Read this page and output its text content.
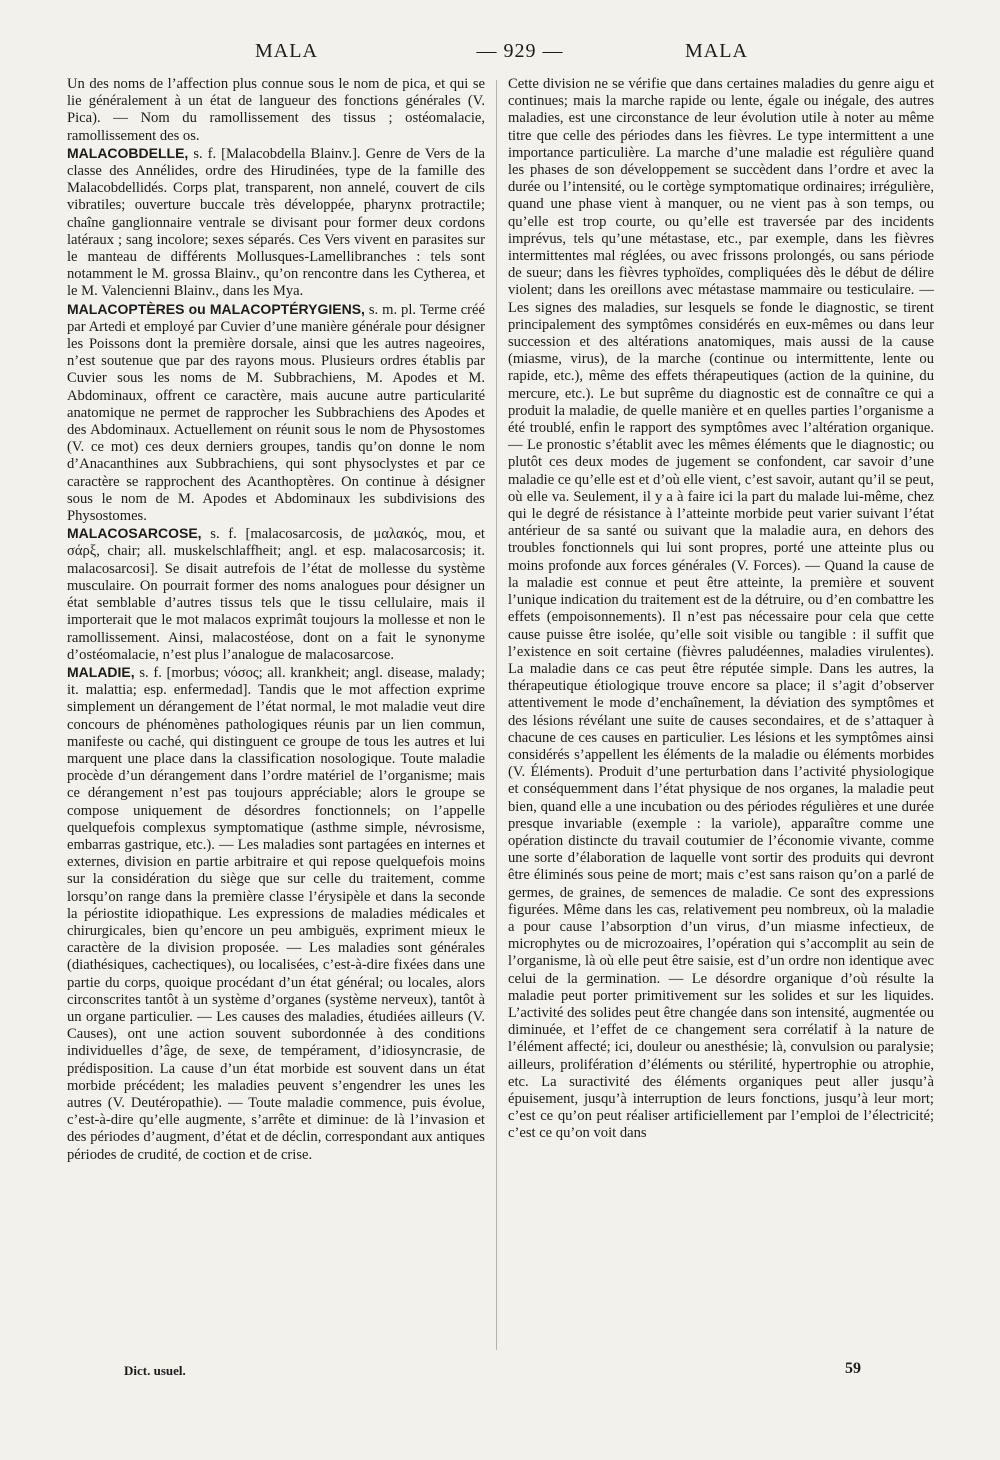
MALA	— 929 —	MALA

Un des noms de l’affection plus connue sous le nom de pica, et qui se lie généralement à un état de langueur des fonctions générales (V. Pica). — Nom du ramollissement des tissus ; ostéomalacie, ramollissement des os.

MALACOBDELLE, s. f. [Malacobdella Blainv.]. Genre de Vers de la classe des Annélides, ordre des Hirudinées, type de la famille des Malacobdellidés. Corps plat, transparent, non annelé, couvert de cils vibratiles; ouverture buccale très développée, pharynx protractile; chaîne ganglionnaire ventrale se divisant pour former deux cordons latéraux ; sang incolore; sexes séparés. Ces Vers vivent en parasites sur le manteau de différents Mollusques-Lamellibranches : tels sont notamment le M. grossa Blainv., qu’on rencontre dans les Cytherea, et le M. Valencienni Blainv., dans les Mya.

MALACOPTÈRES ou MALACOPTÉRYGIENS, s. m. pl. Terme créé par Artedi et employé par Cuvier d’une manière générale pour désigner les Poissons dont la première dorsale, ainsi que les autres nageoires, n’est soutenue que par des rayons mous. Plusieurs ordres établis par Cuvier sous les noms de M. Subbrachiens, M. Apodes et M. Abdominaux, offrent ce caractère, mais aucune autre particularité anatomique ne permet de rapprocher les Subbrachiens des Apodes et des Abdominaux. Actuellement on réunit sous le nom de Physostomes (V. ce mot) ces deux derniers groupes, tandis qu’on donne le nom d’Anacanthines aux Subbrachiens, qui sont physoclystes et par ce caractère se rapprochent des Acanthoptères. On continue à désigner sous le nom de M. Apodes et Abdominaux les subdivisions des Physostomes.

MALACOSARCOSE, s. f. [malacosarcosis, de μαλακός, mou, et σάρξ, chair; all. muskelschlaffheit; angl. et esp. malacosarcosis; it. malacosarcosi]. Se disait autrefois de l’état de mollesse du système musculaire. On pourrait former des noms analogues pour désigner un état semblable d’autres tissus tels que le tissu cellulaire, mais il importerait que le mot malacos exprimât toujours la mollesse et non le ramollissement. Ainsi, malacostéose, dont on a fait le synonyme d’ostéomalacie, n’est plus l’analogue de malacosarcose.

MALADIE, s. f. [morbus; νόσος; all. krankheit; angl. disease, malady; it. malattia; esp. enfermedad]. Tandis que le mot affection exprime simplement un dérangement de l’état normal, le mot maladie veut dire concours de phénomènes pathologiques réunis par un lien commun, manifeste ou caché, qui distinguent ce groupe de tous les autres et lui marquent une place dans la classification nosologique. Toute maladie procède d’un dérangement dans l’ordre matériel de l’organisme; mais ce dérangement n’est pas toujours appréciable; alors le groupe se compose uniquement de désordres fonctionnels; on l’appelle quelquefois complexus symptomatique (asthme simple, névrosisme, embarras gastrique, etc.). — Les maladies sont partagées en internes et externes, division en partie arbitraire et qui repose quelquefois moins sur la considération du siège que sur celle du traitement, comme lorsqu’on range dans la première classe l’érysipèle et dans la seconde la périostite idiopathique. Les expressions de maladies médicales et chirurgicales, bien qu’encore un peu ambiguës, expriment mieux le caractère de la division proposée. — Les maladies sont générales (diathésiques, cachectiques), ou localisées, c’est-à-dire fixées dans une partie du corps, quoique procédant d’un état général; ou locales, alors circonscrites tantôt à un système d’organes (système nerveux), tantôt à un organe particulier. — Les causes des maladies, étudiées ailleurs (V. Causes), ont une action souvent subordonnée à des conditions individuelles d’âge, de sexe, de tempérament, d’idiosyncrasie, de prédisposition. La cause d’un état morbide est souvent dans un état morbide précédent; les maladies peuvent s’engendrer les unes les autres (V. Deutéropathie). — Toute maladie commence, puis évolue, c’est-à-dire qu’elle augmente, s’arrête et diminue: de là l’invasion et des périodes d’augment, d’état et de déclin, correspondant aux antiques périodes de crudité, de coction et de crise.

Cette division ne se vérifie que dans certaines maladies du genre aigu et continues; mais la marche rapide ou lente, égale ou inégale, des autres maladies, est une circonstance de leur évolution utile à noter au même titre que celle des périodes dans les fièvres. Le type intermittent a une importance particulière. La marche d’une maladie est régulière quand les phases de son développement se succèdent dans l’ordre et avec la durée ou l’intensité, ou le cortège symptomatique ordinaires; irrégulière, quand une phase vient à manquer, ou ne vient pas à son temps, ou qu’elle est trop courte, ou qu’elle est traversée par des incidents imprévus, tels qu’une métastase, etc., par exemple, dans les fièvres intermittentes mal réglées, ou avec frissons prolongés, ou sans période de sueur; dans les fièvres typhoïdes, compliquées dès le début de délire violent; dans les oreillons avec métastase mammaire ou testiculaire. — Les signes des maladies, sur lesquels se fonde le diagnostic, se tirent principalement des symptômes considérés en eux-mêmes ou dans leur succession et des altérations anatomiques, mais aussi de la cause (miasme, virus), de la marche (continue ou intermittente, lente ou rapide, etc.), même des effets thérapeutiques (action de la quinine, du mercure, etc.). Le but suprême du diagnostic est de connaître ce qui a produit la maladie, de quelle manière et en quelles parties l’organisme a été troublé, enfin le rapport des symptômes avec l’altération organique.— Le pronostic s’établit avec les mêmes éléments que le diagnostic; ou plutôt ces deux modes de jugement se confondent, car savoir d’une maladie ce qu’elle est et d’où elle vient, c’est savoir, autant qu’il se peut, où elle va. Seulement, il y a à faire ici la part du malade lui-même, chez qui le degré de résistance à l’atteinte morbide peut varier suivant l’état antérieur de sa santé ou suivant que la maladie aura, en dehors des troubles fonctionnels qui lui sont propres, porté une atteinte plus ou moins profonde aux forces générales (V. Forces). — Quand la cause de la maladie est connue et peut être atteinte, la première et souvent l’unique indication du traitement est de la détruire, ou d’en combattre les effets (empoisonnements). Il n’est pas nécessaire pour cela que cette cause puisse être isolée, qu’elle soit visible ou tangible : il suffit que l’existence en soit certaine (fièvres paludéennes, maladies virulentes). La maladie dans ce cas peut être réputée simple. Dans les autres, la thérapeutique étiologique trouve encore sa place; il s’agit d’observer attentivement le mode d’enchaînement, la déviation des symptômes et des lésions révélant une suite de causes secondaires, et de s’attaquer à chacune de ces causes en particulier. Les lésions et les symptômes ainsi considérés s’appellent les éléments de la maladie ou éléments morbides (V. Éléments). Produit d’une perturbation dans l’activité physiologique et conséquemment dans l’état physique de nos organes, la maladie peut bien, quand elle a une incubation ou des périodes régulières et une durée presque invariable (exemple : la variole), apparaître comme une opération distincte du travail coutumier de l’économie vivante, comme une sorte d’élaboration de laquelle vont sortir des produits qui devront être éliminés sous peine de mort; mais c’est sans raison qu’on a parlé de germes, de graines, de semences de maladie. Ce sont des expressions figurées. Même dans les cas, relativement peu nombreux, où la maladie a pour cause l’absorption d’un virus, d’un miasme infectieux, de microphytes ou de microzoaires, l’opération qui s’accomplit au sein de l’organisme, là où elle peut être saisie, est d’un ordre non identique avec celui de la germination. — Le désordre organique d’où résulte la maladie peut porter primitivement sur les solides et sur les liquides. L’activité des solides peut être changée dans son intensité, augmentée ou diminuée, et l’effet de ce changement sera corrélatif à la nature de l’élément affecté; ici, douleur ou anesthésie; là, convulsion ou paralysie; ailleurs, prolifération d’éléments ou stérilité, hypertrophie ou atrophie, etc. La suractivité des éléments organiques peut aller jusqu’à épuisement, jusqu’à interruption de leurs fonctions, jusqu’à leur mort; c’est ce qu’on peut réaliser artificiellement par l’emploi de l’électricité; c’est ce qu’on voit dans

Dict. usuel.	59
